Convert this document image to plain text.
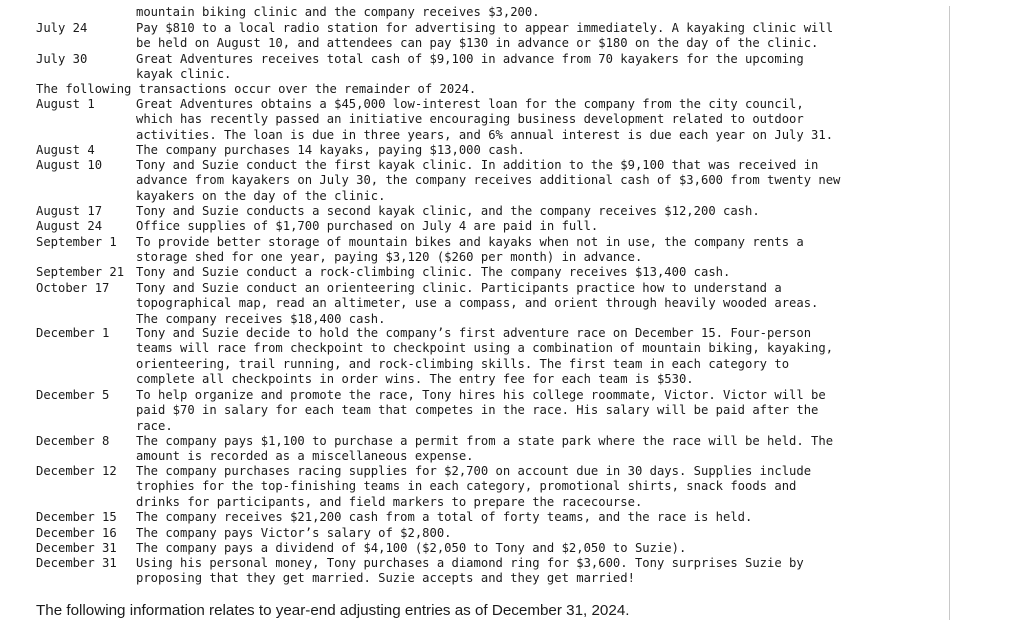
mountain biking clinic and the company receives $3,200.
July 24	Pay $810 to a local radio station for advertising to appear immediately. A kayaking clinic will
be held on August 10, and attendees can pay $130 in advance or $180 on the day of the clinic.
July 30	Great Adventures receives total cash of $9,100 in advance from 70 kayakers for the upcoming
kayak clinic.
The following transactions occur over the remainder of 2024.
August 1	Great Adventures obtains a $45,000 low-interest loan for the company from the city council,
which has recently passed an initiative encouraging business development related to outdoor
activities. The loan is due in three years, and 6% annual interest is due each year on July 31.
August 4	The company purchases 14 kayaks, paying $13,000 cash.
August 10	Tony and Suzie conduct the first kayak clinic. In addition to the $9,100 that was received in
advance from kayakers on July 30, the company receives additional cash of $3,600 from twenty new
kayakers on the day of the clinic.
August 17	Tony and Suzie conducts a second kayak clinic, and the company receives $12,200 cash.
August 24	Office supplies of $1,700 purchased on July 4 are paid in full.
September 1 To provide better storage of mountain bikes and kayaks when not in use, the company rents a
storage shed for one year, paying $3,120 ($260 per month) in advance.
September 21 Tony and Suzie conduct a rock-climbing clinic. The company receives $13,400 cash.
October 17 Tony and Suzie conduct an orienteering clinic. Participants practice how to understand a
topographical map, read an altimeter, use a compass, and orient through heavily wooded areas.
The company receives $18,400 cash.
December 1 Tony and Suzie decide to hold the company’s first adventure race on December 15. Four-person
teams will race from checkpoint to checkpoint using a combination of mountain biking, kayaking,
orienteering, trail running, and rock-climbing skills. The first team in each category to
complete all checkpoints in order wins. The entry fee for each team is $530.
December 5 To help organize and promote the race, Tony hires his college roommate, Victor. Victor will be
paid $70 in salary for each team that competes in the race. His salary will be paid after the
race.
December 8 The company pays $1,100 to purchase a permit from a state park where the race will be held. The
amount is recorded as a miscellaneous expense.
December 12 The company purchases racing supplies for $2,700 on account due in 30 days. Supplies include
trophies for the top-finishing teams in each category, promotional shirts, snack foods and
drinks for participants, and field markers to prepare the racecourse.
December 15 The company receives $21,200 cash from a total of forty teams, and the race is held.
December 16 The company pays Victor’s salary of $2,800.
December 31 The company pays a dividend of $4,100 ($2,050 to Tony and $2,050 to Suzie).
December 31 Using his personal money, Tony purchases a diamond ring for $3,600. Tony surprises Suzie by
proposing that they get married. Suzie accepts and they get married!
The following information relates to year-end adjusting entries as of December 31, 2024.
